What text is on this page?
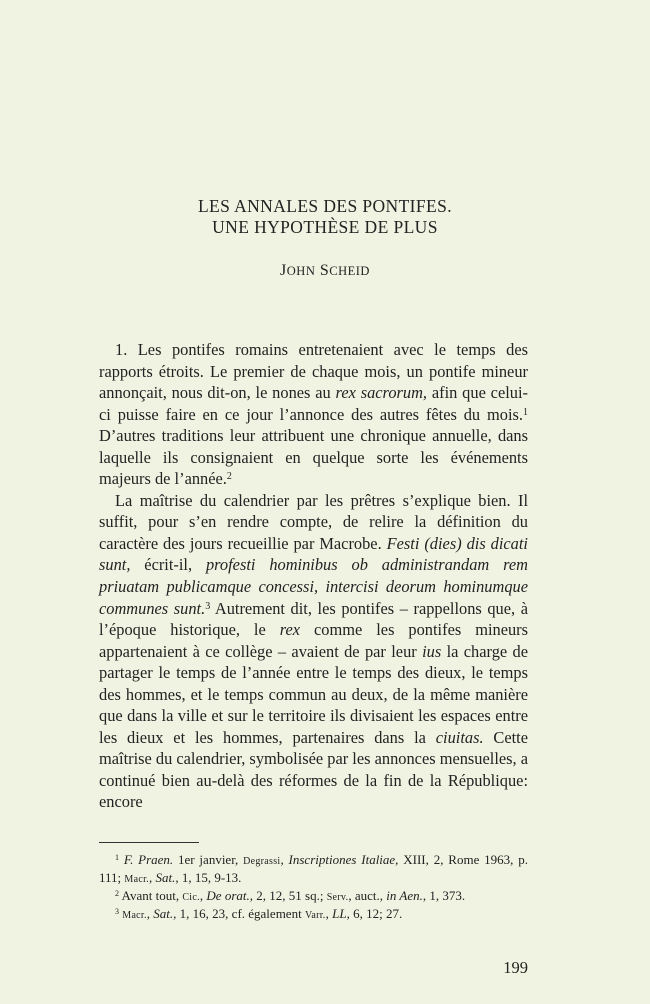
LES ANNALES DES PONTIFES.
UNE HYPOTHÈSE DE PLUS
JOHN SCHEID

1. Les pontifes romains entretenaient avec le temps des rapports étroits. Le premier de chaque mois, un pontife mineur annonçait, nous dit-on, le nones au rex sacrorum, afin que celui-ci puisse faire en ce jour l’annonce des autres fêtes du mois.$^1$ D’autres traditions leur attribuent une chronique annuelle, dans laquelle ils consignaient en quelque sorte les événements majeurs de l’année.$^2$

La maîtrise du calendrier par les prêtres s’explique bien. Il suffit, pour s’en rendre compte, de relire la définition du caractère des jours recueillie par Macrobe. Festi (dies) dis dicati sunt, écrit-il, profesti hominibus ob administrandam rem priuatam publicamque concessi, intercisi deorum hominumque communes sunt.$^3$ Autrement dit, les pontifes – rappellons que, à l’époque historique, le rex comme les pontifes mineurs appartenaient à ce collège – avaient de par leur ius la charge de partager le temps de l’année entre le temps des dieux, le temps des hommes, et le temps commun au deux, de la même manière que dans la ville et sur le territoire ils divisaient les espaces entre les dieux et les hommes, partenaires dans la ciuitas. Cette maîtrise du calendrier, symbolisée par les annonces mensuelles, a continué bien au-delà des réformes de la fin de la République: encore

$^1$ F. Praen. 1er janvier, Degrassi, Inscriptiones Italiae, XIII, 2, Rome 1963, p. 111; Macr., Sat., 1, 15, 9-13.

$^2$ Avant tout, Cic., De orat., 2, 12, 51 sq.; Serv., auct., in Aen., 1, 373.

$^3$ Macr., Sat., 1, 16, 23, cf. également Varr., LL, 6, 12; 27.

199
